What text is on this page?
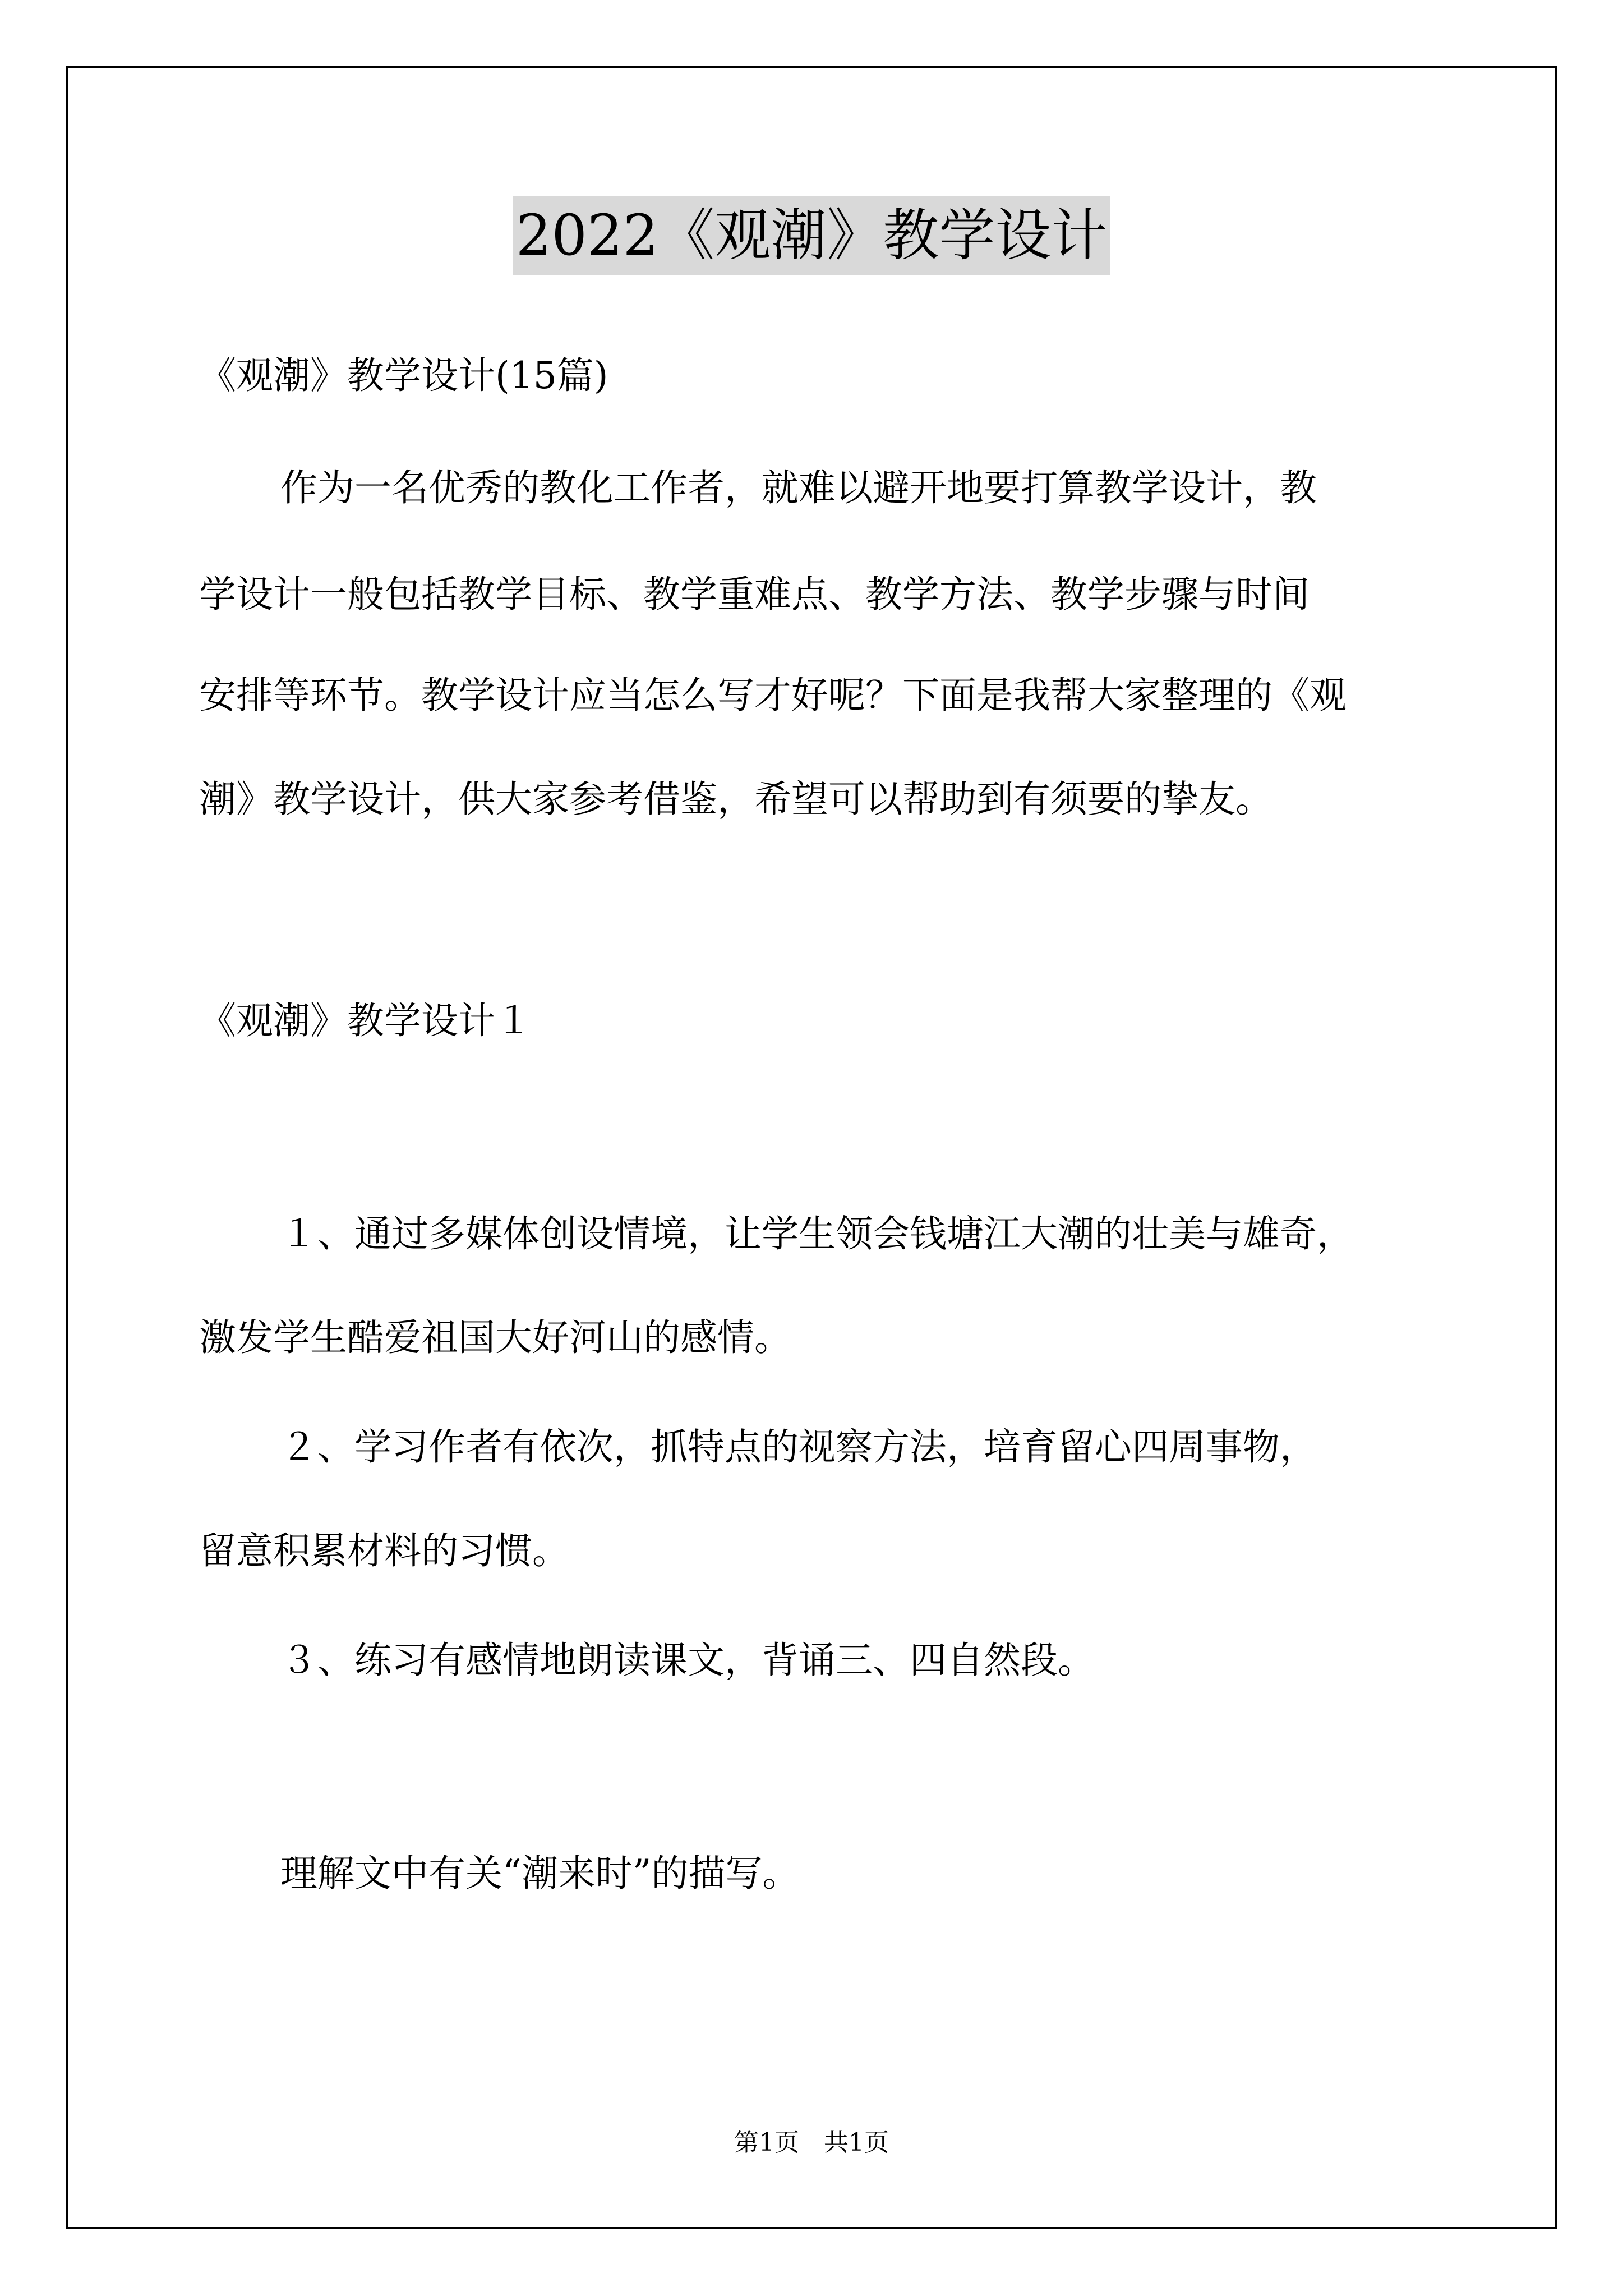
2022《观潮》教学设计
《观潮》教学设计(15篇)
作为一名优秀的教化工作者，就难以避开地要打算教学设计，教
学设计一般包括教学目标、教学重难点、教学方法、教学步骤与时间
安排等环节。教学设计应当怎么写才好呢？下面是我帮大家整理的《观
潮》教学设计，供大家参考借鉴，希望可以帮助到有须要的挚友。
《观潮》教学设计１
１、通过多媒体创设情境，让学生领会钱塘江大潮的壮美与雄奇，
激发学生酷爱祖国大好河山的感情。
２、学习作者有依次，抓特点的视察方法，培育留心四周事物，
留意积累材料的习惯。
３、练习有感情地朗读课文，背诵三、四自然段。
理解文中有关“潮来时”的描写。
第1页　共1页
